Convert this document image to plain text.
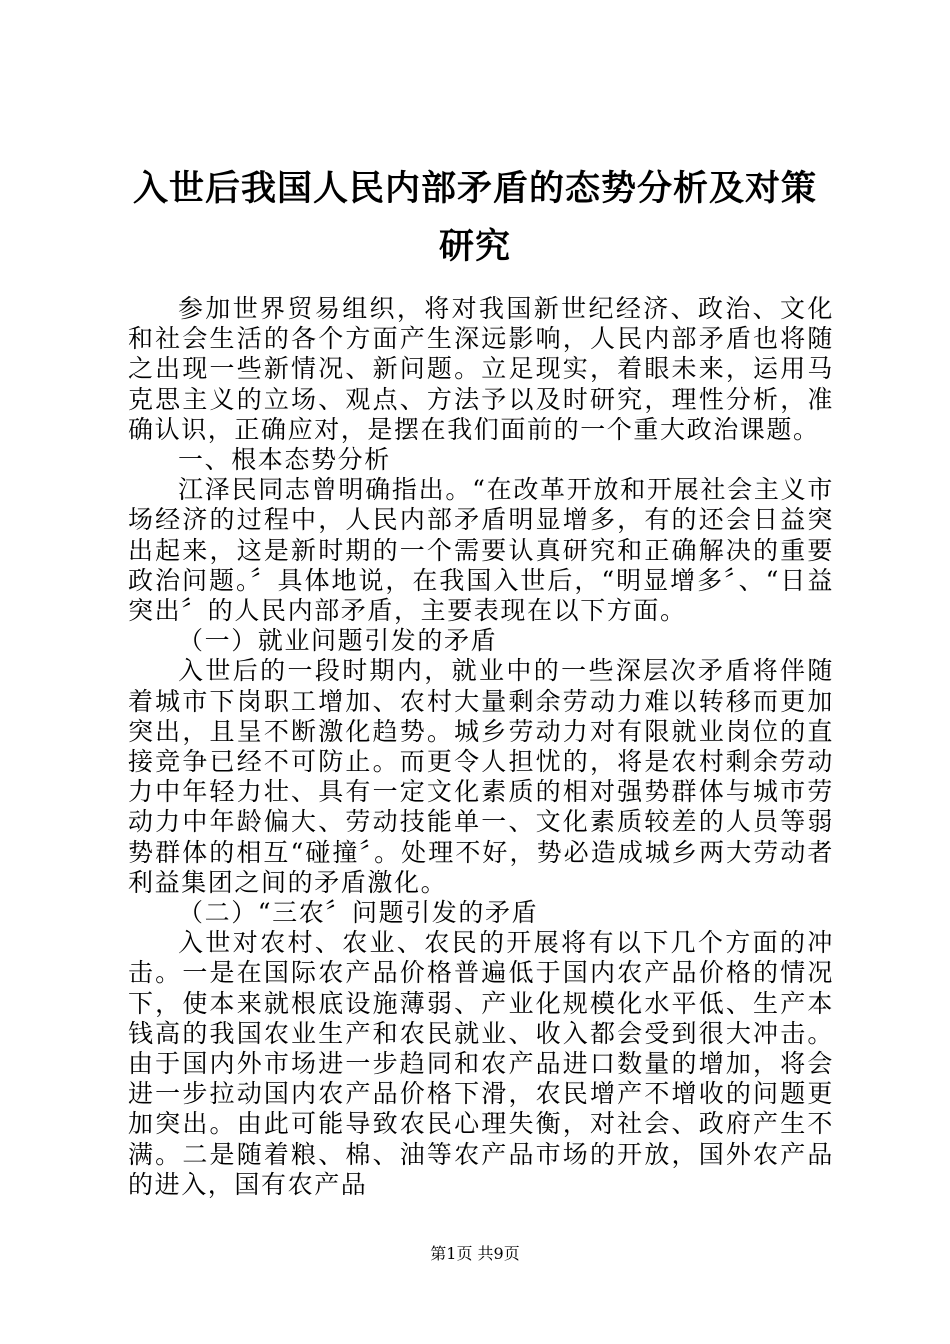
入世后我国人民内部矛盾的态势分析及对策研究

参加世界贸易组织，将对我国新世纪经济、政治、文化和社会生活的各个方面产生深远影响，人民内部矛盾也将随之出现一些新情况、新问题。立足现实，着眼未来，运用马克思主义的立场、观点、方法予以及时研究，理性分析，准确认识，正确应对，是摆在我们面前的一个重大政治课题。

一、根本态势分析

江泽民同志曾明确指出。“在改革开放和开展社会主义市场经济的过程中，人民内部矛盾明显增多，有的还会日益突出起来，这是新时期的一个需要认真研究和正确解决的重要政治问题。〞具体地说，在我国入世后，“明显增多〞、“日益突出〞的人民内部矛盾，主要表现在以下方面。

（一）就业问题引发的矛盾

入世后的一段时期内，就业中的一些深层次矛盾将伴随着城市下岗职工增加、农村大量剩余劳动力难以转移而更加突出，且呈不断激化趋势。城乡劳动力对有限就业岗位的直接竞争已经不可防止。而更令人担忧的，将是农村剩余劳动力中年轻力壮、具有一定文化素质的相对强势群体与城市劳动力中年龄偏大、劳动技能单一、文化素质较差的人员等弱势群体的相互“碰撞〞。处理不好，势必造成城乡两大劳动者利益集团之间的矛盾激化。

（二）“三农〞问题引发的矛盾

入世对农村、农业、农民的开展将有以下几个方面的冲击。一是在国际农产品价格普遍低于国内农产品价格的情况下，使本来就根底设施薄弱、产业化规模化水平低、生产本钱高的我国农业生产和农民就业、收入都会受到很大冲击。由于国内外市场进一步趋同和农产品进口数量的增加，将会进一步拉动国内农产品价格下滑，农民增产不增收的问题更加突出。由此可能导致农民心理失衡，对社会、政府产生不满。二是随着粮、棉、油等农产品市场的开放，国外农产品的进入，国有农产品

第1页 共9页
